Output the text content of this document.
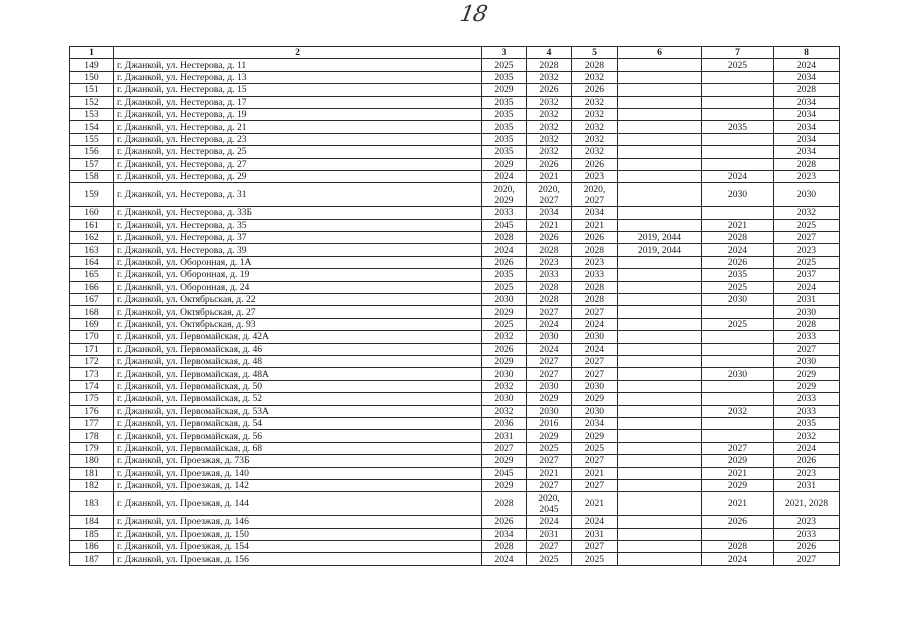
18
1	2	3	4	5	6	7	8
149	г. Джанкой, ул. Нестерова, д. 11	2025	2028	2028		2025	2024
150	г. Джанкой, ул. Нестерова, д. 13	2035	2032	2032			2034
151	г. Джанкой, ул. Нестерова, д. 15	2029	2026	2026			2028
152	г. Джанкой, ул. Нестерова, д. 17	2035	2032	2032			2034
153	г. Джанкой, ул. Нестерова, д. 19	2035	2032	2032			2034
154	г. Джанкой, ул. Нестерова, д. 21	2035	2032	2032		2035	2034
155	г. Джанкой, ул. Нестерова, д. 23	2035	2032	2032			2034
156	г. Джанкой, ул. Нестерова, д. 25	2035	2032	2032			2034
157	г. Джанкой, ул. Нестерова, д. 27	2029	2026	2026			2028
158	г. Джанкой, ул. Нестерова, д. 29	2024	2021	2023		2024	2023
159	г. Джанкой, ул. Нестерова, д. 31	2020, 2029	2020, 2027	2020, 2027		2030	2030
160	г. Джанкой, ул. Нестерова, д. 33Б	2033	2034	2034			2032
161	г. Джанкой, ул. Нестерова, д. 35	2045	2021	2021		2021	2025
162	г. Джанкой, ул. Нестерова, д. 37	2028	2026	2026	2019, 2044	2028	2027
163	г. Джанкой, ул. Нестерова, д. 39	2024	2028	2028	2019, 2044	2024	2023
164	г. Джанкой, ул. Оборонная, д. 1А	2026	2023	2023		2026	2025
165	г. Джанкой, ул. Оборонная, д. 19	2035	2033	2033		2035	2037
166	г. Джанкой, ул. Оборонная, д. 24	2025	2028	2028		2025	2024
167	г. Джанкой, ул. Октябрьская, д. 22	2030	2028	2028		2030	2031
168	г. Джанкой, ул. Октябрьская, д. 27	2029	2027	2027			2030
169	г. Джанкой, ул. Октябрьская, д. 93	2025	2024	2024		2025	2028
170	г. Джанкой, ул. Первомайская, д. 42А	2032	2030	2030			2033
171	г. Джанкой, ул. Первомайская, д. 46	2026	2024	2024			2027
172	г. Джанкой, ул. Первомайская, д. 48	2029	2027	2027			2030
173	г. Джанкой, ул. Первомайская, д. 48А	2030	2027	2027		2030	2029
174	г. Джанкой, ул. Первомайская, д. 50	2032	2030	2030			2029
175	г. Джанкой, ул. Первомайская, д. 52	2030	2029	2029			2033
176	г. Джанкой, ул. Первомайская, д. 53А	2032	2030	2030		2032	2033
177	г. Джанкой, ул. Первомайская, д. 54	2036	2016	2034			2035
178	г. Джанкой, ул. Первомайская, д. 56	2031	2029	2029			2032
179	г. Джанкой, ул. Первомайская, д. 68	2027	2025	2025		2027	2024
180	г. Джанкой, ул. Проезжая, д. 73Б	2029	2027	2027		2029	2026
181	г. Джанкой, ул. Проезжая, д. 140	2045	2021	2021		2021	2023
182	г. Джанкой, ул. Проезжая, д. 142	2029	2027	2027		2029	2031
183	г. Джанкой, ул. Проезжая, д. 144	2028	2020, 2045	2021		2021	2021, 2028
184	г. Джанкой, ул. Проезжая, д. 146	2026	2024	2024		2026	2023
185	г. Джанкой, ул. Проезжая, д. 150	2034	2031	2031			2033
186	г. Джанкой, ул. Проезжая, д. 154	2028	2027	2027		2028	2026
187	г. Джанкой, ул. Проезжая, д. 156	2024	2025	2025		2024	2027
